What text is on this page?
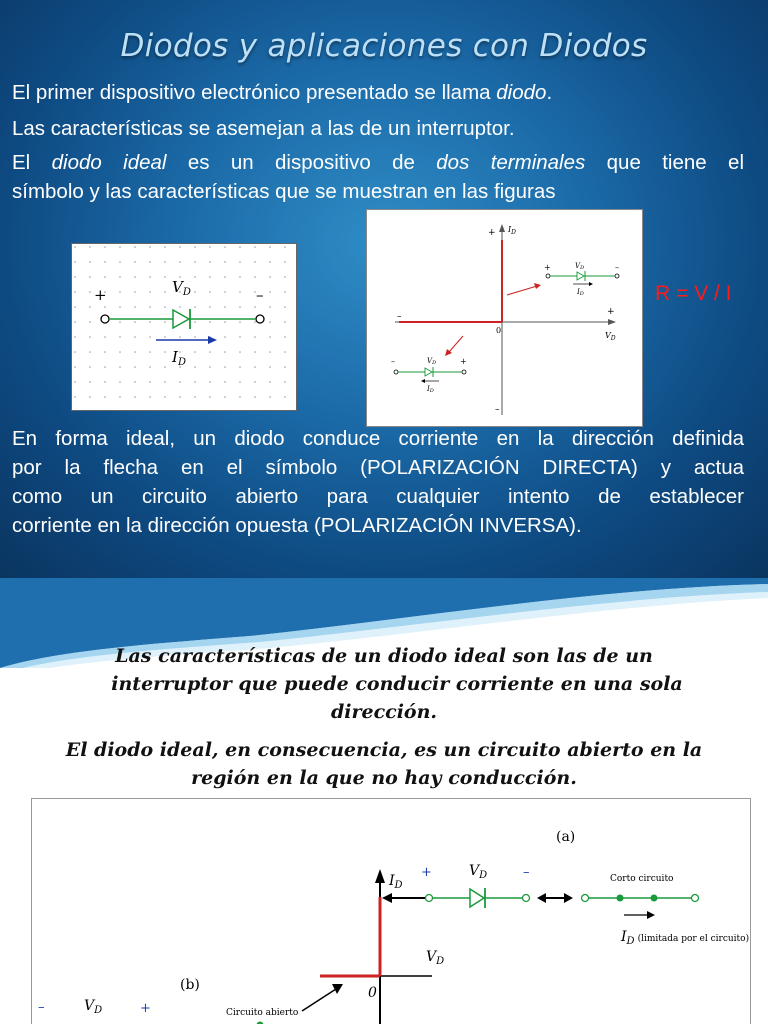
Diodos y aplicaciones con Diodos
El primer dispositivo electrónico presentado se llama diodo.
Las características se asemejan a las de un interruptor.
El diodo ideal es un dispositivo de dos terminales que tiene el
símbolo y las características que se muestran en las figuras
+	–
$V_D$
$I_D$
+
–
–	+
0
$I_D$
$V_D$
+	–
VD
ID
–	+
VD
ID
R = V / I
En forma ideal, un diodo conduce corriente en la dirección definida
por la flecha en el símbolo (POLARIZACIÓN DIRECTA) y actua
como un circuito abierto para cualquier intento de establecer
corriente en la dirección opuesta (POLARIZACIÓN INVERSA).
Las características de un diodo ideal son las de un
interruptor que puede conducir corriente en una sola
dirección.
El diodo ideal, en consecuencia, es un circuito abierto en la
región en la que no hay conducción.
(a)
(b)
$I_D$
$V_D$
0
+	–
$V_D$	Corto circuito
$I_D$ $^{(limitada por el circuito)}$
–	+
$V_D$	Circuito abierto
